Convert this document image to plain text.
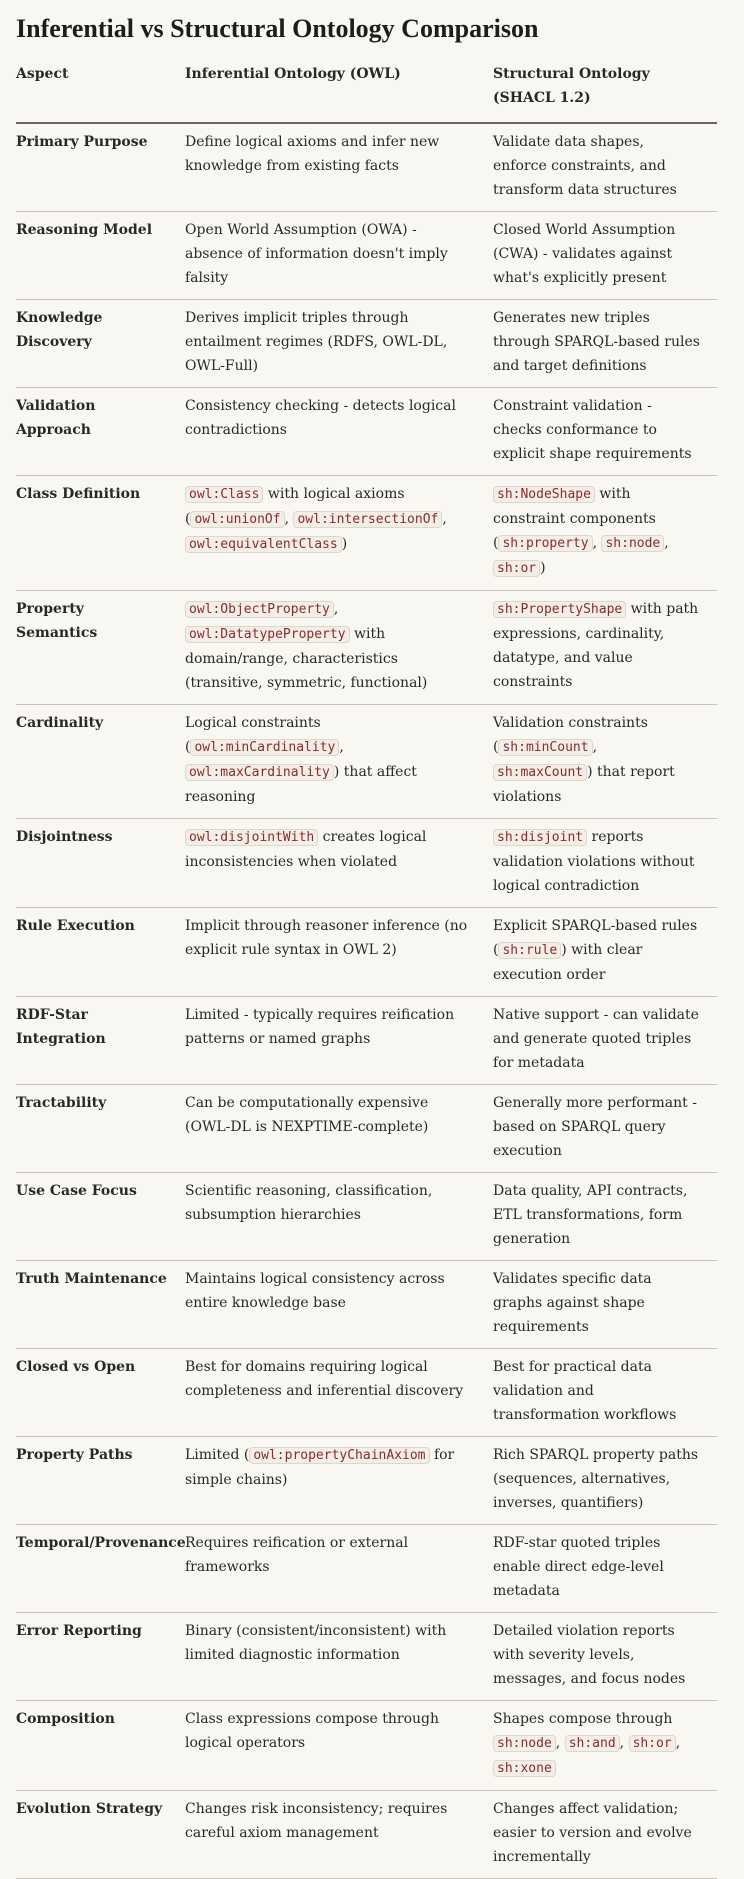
Inferential vs Structural Ontology Comparison
Aspect	Inferential Ontology (OWL)	Structural Ontology (SHACL 1.2)
Primary Purpose	Define logical axioms and infer new knowledge from existing facts	Validate data shapes, enforce constraints, and transform data structures
Reasoning Model	Open World Assumption (OWA) - absence of information doesn't imply falsity	Closed World Assumption (CWA) - validates against what's explicitly present
Knowledge Discovery	Derives implicit triples through entailment regimes (RDFS, OWL-DL, OWL-Full)	Generates new triples through SPARQL-based rules and target definitions
Validation Approach	Consistency checking - detects logical contradictions	Constraint validation - checks conformance to explicit shape requirements
Class Definition	owl:Class with logical axioms ( owl:unionOf , owl:intersectionOf , owl:equivalentClass )	sh:NodeShape with constraint components ( sh:property , sh:node , sh:or )
Property Semantics	owl:ObjectProperty , owl:DatatypeProperty with domain/range, characteristics (transitive, symmetric, functional)	sh:PropertyShape with path expressions, cardinality, datatype, and value constraints
Cardinality	Logical constraints ( owl:minCardinality , owl:maxCardinality ) that affect reasoning	Validation constraints ( sh:minCount , sh:maxCount ) that report violations
Disjointness	owl:disjointWith creates logical inconsistencies when violated	sh:disjoint reports validation violations without logical contradiction
Rule Execution	Implicit through reasoner inference (no explicit rule syntax in OWL 2)	Explicit SPARQL-based rules ( sh:rule ) with clear execution order
RDF-Star Integration	Limited - typically requires reification patterns or named graphs	Native support - can validate and generate quoted triples for metadata
Tractability	Can be computationally expensive (OWL-DL is NEXPTIME-complete)	Generally more performant - based on SPARQL query execution
Use Case Focus	Scientific reasoning, classification, subsumption hierarchies	Data quality, API contracts, ETL transformations, form generation
Truth Maintenance	Maintains logical consistency across entire knowledge base	Validates specific data graphs against shape requirements
Closed vs Open	Best for domains requiring logical completeness and inferential discovery	Best for practical data validation and transformation workflows
Property Paths	Limited ( owl:propertyChainAxiom for simple chains)	Rich SPARQL property paths (sequences, alternatives, inverses, quantifiers)
Temporal/Provenance	Requires reification or external frameworks	RDF-star quoted triples enable direct edge-level metadata
Error Reporting	Binary (consistent/inconsistent) with limited diagnostic information	Detailed violation reports with severity levels, messages, and focus nodes
Composition	Class expressions compose through logical operators	Shapes compose through sh:node , sh:and , sh:or , sh:xone
Evolution Strategy	Changes risk inconsistency; requires careful axiom management	Changes affect validation; easier to version and evolve incrementally
